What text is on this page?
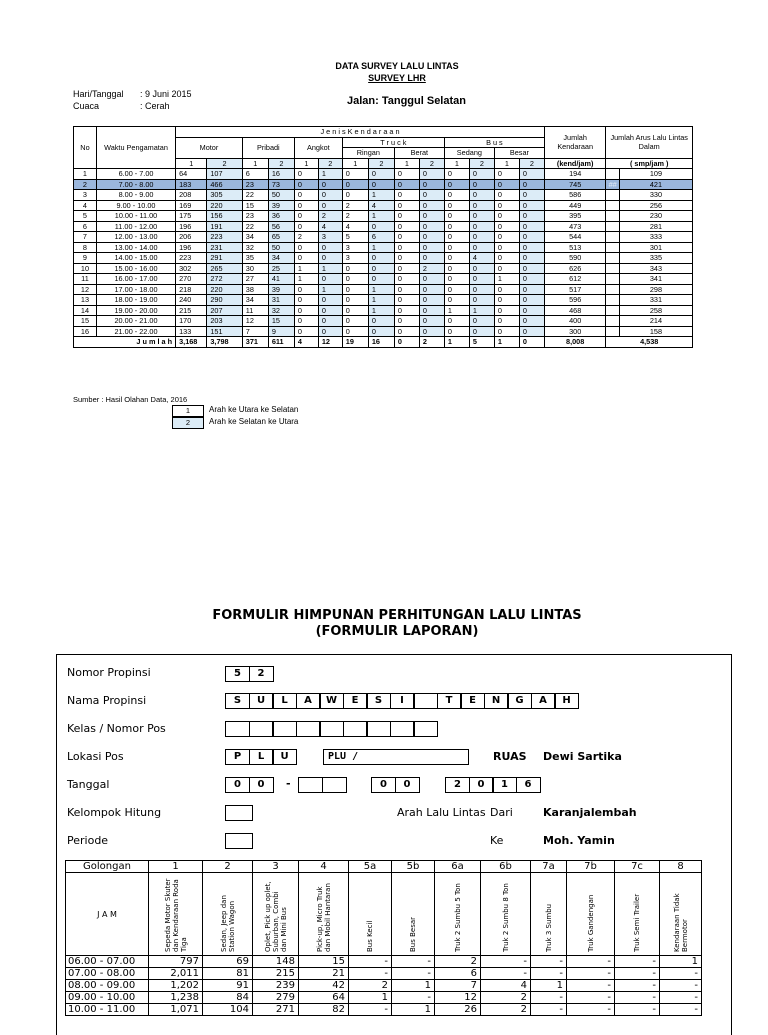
DATA SURVEY LALU LINTAS
SURVEY LHR
Hari/Tanggal : 9 Juni 2015
Cuaca	: Cerah	Jalan: Tanggul Selatan
No	Waktu Pengamatan	J e n i s K e n d a r a a n														Jumlah Kendaraan	Jumlah Arus Lalu Lintas Dalam	
		Motor		Pribadi		Angkot		T r u c k				B u s						
								Ringan		Berat		Sedang		Besar				
		1	2	1	2	1	2	1	2	1	2	1	2	1	2	(kend/jam)	( smp/jam )	
1	6.00 - 7.00	64	107	6	16	0	1	0	0	0	0	0	0	0	0	194		109
2	7.00 - 8.00	183	466	23	73	0	0	0	0	0	0	0	0	0	0	745	##	421
3	8.00 - 9.00	208	305	22	50	0	0	0	1	0	0	0	0	0	0	586		330
4	9.00 - 10.00	169	220	15	39	0	0	2	4	0	0	0	0	0	0	449		256
5	10.00 - 11.00	175	156	23	36	0	2	2	1	0	0	0	0	0	0	395		230
6	11.00 - 12.00	196	191	22	56	0	4	4	0	0	0	0	0	0	0	473		281
7	12.00 - 13.00	206	223	34	65	2	3	5	6	0	0	0	0	0	0	544		333
8	13.00 - 14.00	196	231	32	50	0	0	3	1	0	0	0	0	0	0	513		301
9	14.00 - 15.00	223	291	35	34	0	0	3	0	0	0	0	4	0	0	590		335
10	15.00 - 16.00	302	265	30	25	1	1	0	0	0	2	0	0	0	0	626		343
11	16.00 - 17.00	270	272	27	41	1	0	0	0	0	0	0	0	1	0	612		341
12	17.00 - 18.00	218	220	38	39	0	1	0	1	0	0	0	0	0	0	517		298
13	18.00 - 19.00	240	290	34	31	0	0	0	1	0	0	0	0	0	0	596		331
14	19.00 - 20.00	215	207	11	32	0	0	0	1	0	0	1	1	0	0	468		258
15	20.00 - 21.00	170	203	12	15	0	0	0	0	0	0	0	0	0	0	400		214
16	21.00 - 22.00	133	151	7	9	0	0	0	0	0	0	0	0	0	0	300		158
J u m l a h		3,168	3,798	371	611	4	12	19	16	0	2	1	5	1	0	8,008	4,538	
Sumber : Hasil Olahan Data, 2016
1	Arah ke Utara ke Selatan
2	Arah ke Selatan ke Utara
FORMULIR HIMPUNAN PERHITUNGAN LALU LINTAS
(FORMULIR LAPORAN)
Nomor Propinsi	5	2
Nama Propinsi	S	U	L	A	W	E	S	I	T	E	N	G	A	H
Kelas / Nomor Pos
Lokasi Pos	P	L	U	PLU /	RUAS Dewi Sartika
Tanggal	0	0	-	0	0	2	0	1	6
Kelompok Hitung	Arah Lalu Lintas Dari	Karanjalembah
Periode	Ke	Moh. Yamin
Golongan	1	2	3	4	5a	5b	6a	6b	7a	7b	7c	8
J A M	Sepeda Motor Skuter dan Kendaraan Roda Tiga	Sedan, Jeep dan Station Wagon	Oplet, Pick up oplet, Suburban, Combi dan Mini Bus	Pick-up, Micro Truk dan Mobil Hantaran	Bus Kecil	Bus Besar	Truk 2 Sumbu 5 Ton	Truk 2 Sumbu 8 Ton	Truk 3 Sumbu	Truk Gandengan	Truk Semi Trailer	Kendaraan Tidak Bermotor

06.00 - 07.00	797	69	148	15	-	-	2	-	-	-	-	1
07.00 - 08.00	2,011	81	215	21	-	-	6	-	-	-	-	-
08.00 - 09.00	1,202	91	239	42	2	1	7	4	1	-	-	-
09.00 - 10.00	1,238	84	279	64	1	-	12	2	-	-	-	-
10.00 - 11.00	1,071	104	271	82	-	1	26	2	-	-	-	-
